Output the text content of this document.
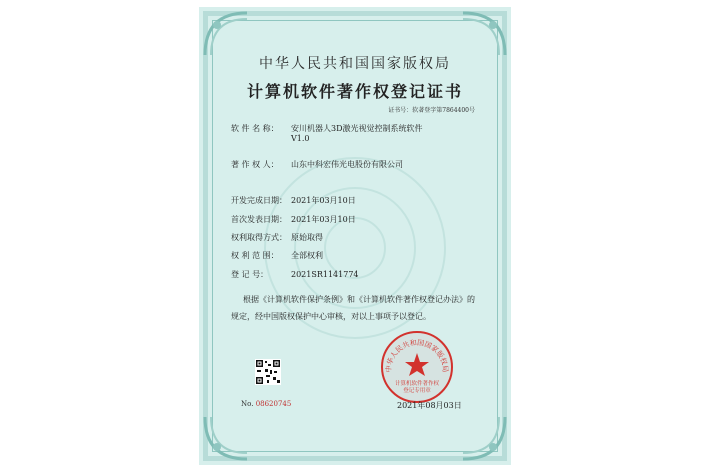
中华人民共和国国家版权局
计算机软件著作权登记证书
证书号：软著登字第7864400号
软 件 名 称： 安川机器人3D激光视觉控制系统软件
V1.0
著 作 权 人： 山东中科宏伟光电股份有限公司
开发完成日期： 2021年03月10日
首次发表日期： 2021年03月10日
权利取得方式： 原始取得
权 利 范 围： 全部权利
登 记 号：	2021SR1141774
根据《计算机软件保护条例》和《计算机软件著作权登记办法》的
规定，经中国版权保护中心审核，对以上事项予以登记。
No. 08620745
中华人民共和国国家版权局
计算机软件著作权
登记专用章
2021年08月03日
